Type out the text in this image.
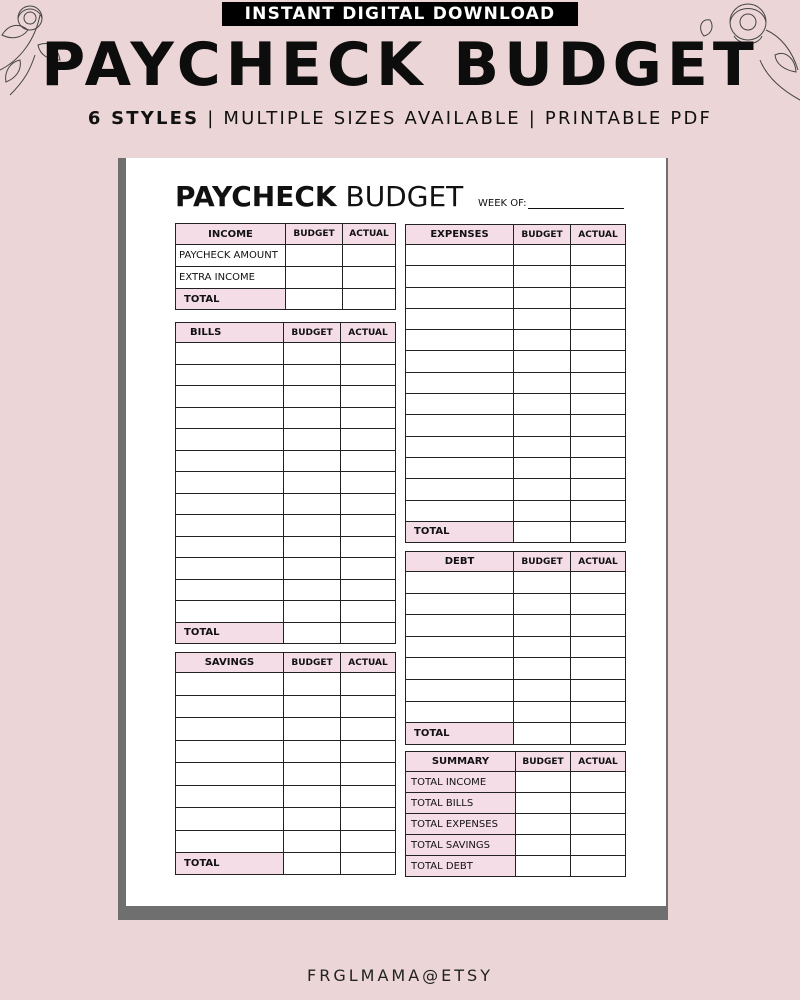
INSTANT DIGITAL DOWNLOAD
PAYCHECK BUDGET
6 STYLES | MULTIPLE SIZES AVAILABLE | PRINTABLE PDF
PAYCHECK BUDGET WEEK OF:
INCOME	BUDGET	ACTUAL
PAYCHECK AMOUNT		
EXTRA INCOME		
TOTAL		
BILLS	BUDGET	ACTUAL

TOTAL		
SAVINGS	BUDGET	ACTUAL

TOTAL		
EXPENSES	BUDGET	ACTUAL

TOTAL		
DEBT	BUDGET	ACTUAL

TOTAL		
SUMMARY	BUDGET	ACTUAL
TOTAL INCOME		
TOTAL BILLS		
TOTAL EXPENSES		
TOTAL SAVINGS		
TOTAL DEBT		
FRGLMAMA@ETSY
